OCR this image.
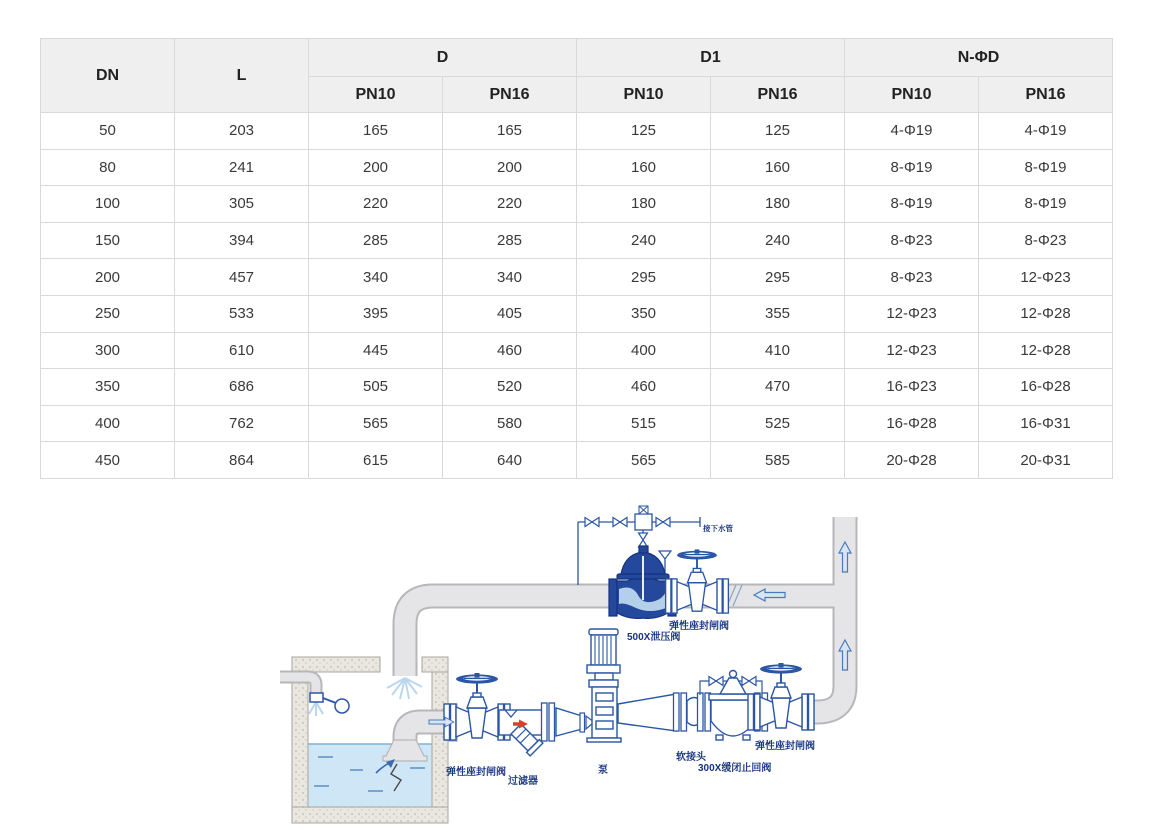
DN	L	D		D1		N-ΦD	
		PN10	PN16	PN10	PN16	PN10	PN16
50	203	165	165	125	125	4-Φ19	4-Φ19
80	241	200	200	160	160	8-Φ19	8-Φ19
100	305	220	220	180	180	8-Φ19	8-Φ19
150	394	285	285	240	240	8-Φ23	8-Φ23
200	457	340	340	295	295	8-Φ23	12-Φ23
250	533	395	405	350	355	12-Φ23	12-Φ28
300	610	445	460	400	410	12-Φ23	12-Φ28
350	686	505	520	460	470	16-Φ23	16-Φ28
400	762	565	580	515	525	16-Φ28	16-Φ31
450	864	615	640	565	585	20-Φ28	20-Φ31
接下水管
弹性座封闸阀
500X泄压阀
泵
软接头
300X缓闭止回阀
弹性座封闸阀
弹性座封闸阀
过滤器
